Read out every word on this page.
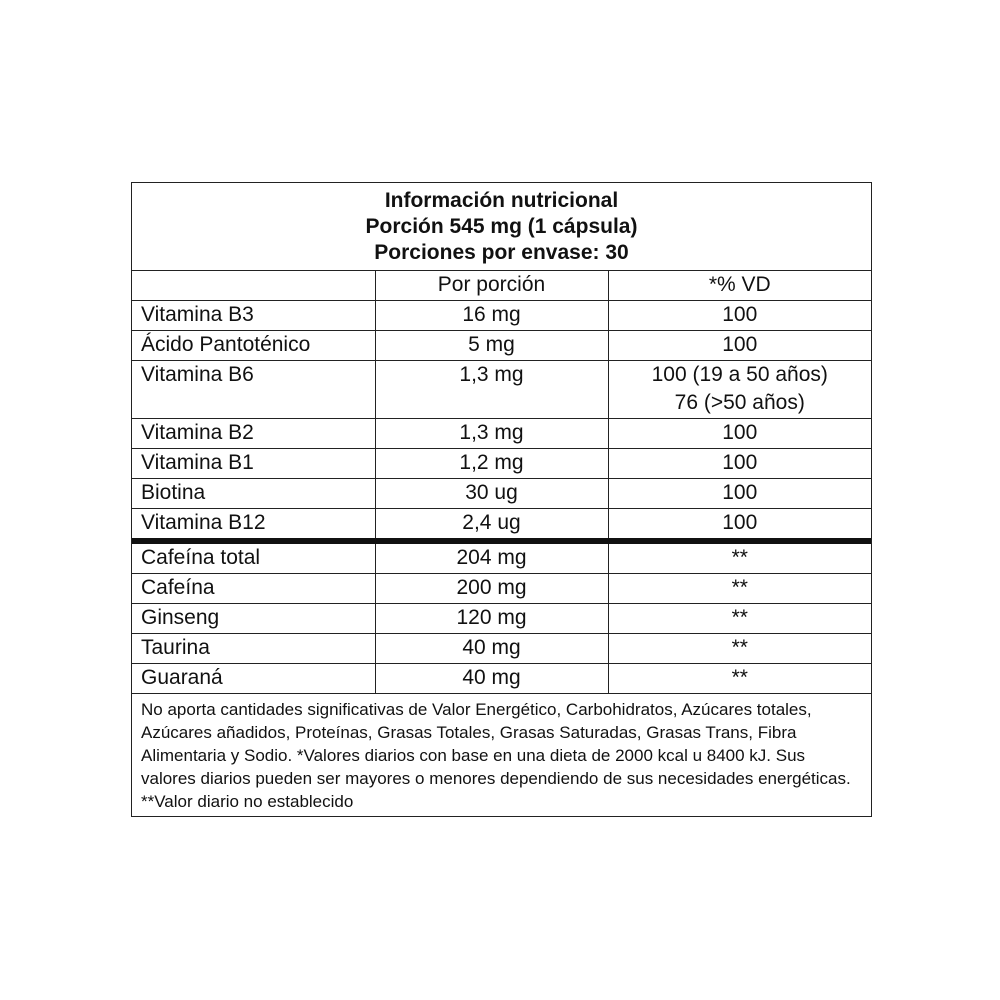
Información nutricional
Porción 545 mg (1 cápsula)
Porciones por envase: 30
	Por porción	*% VD
Vitamina B3	16 mg	100

Ácido Pantoténico	5 mg	100

Vitamina B6	1,3 mg	100 (19 a 50 años)
76 (>50 años)

Vitamina B2	1,3 mg	100

Vitamina B1	1,2 mg	100

Biotina	30 ug	100

Vitamina B12	2,4 ug	100

Cafeína total	204 mg	**

Cafeína	200 mg	**

Ginseng	120 mg	**

Taurina	40 mg	**

Guaraná	40 mg	**
No aporta cantidades significativas de Valor Energético, Carbohidratos, Azúcares totales, Azúcares añadidos, Proteínas, Grasas Totales, Grasas Saturadas, Grasas Trans, Fibra Alimentaria y Sodio. *Valores diarios con base en una dieta de 2000 kcal u 8400 kJ. Sus valores diarios pueden ser mayores o menores dependiendo de sus necesidades energéticas. **Valor diario no establecido
